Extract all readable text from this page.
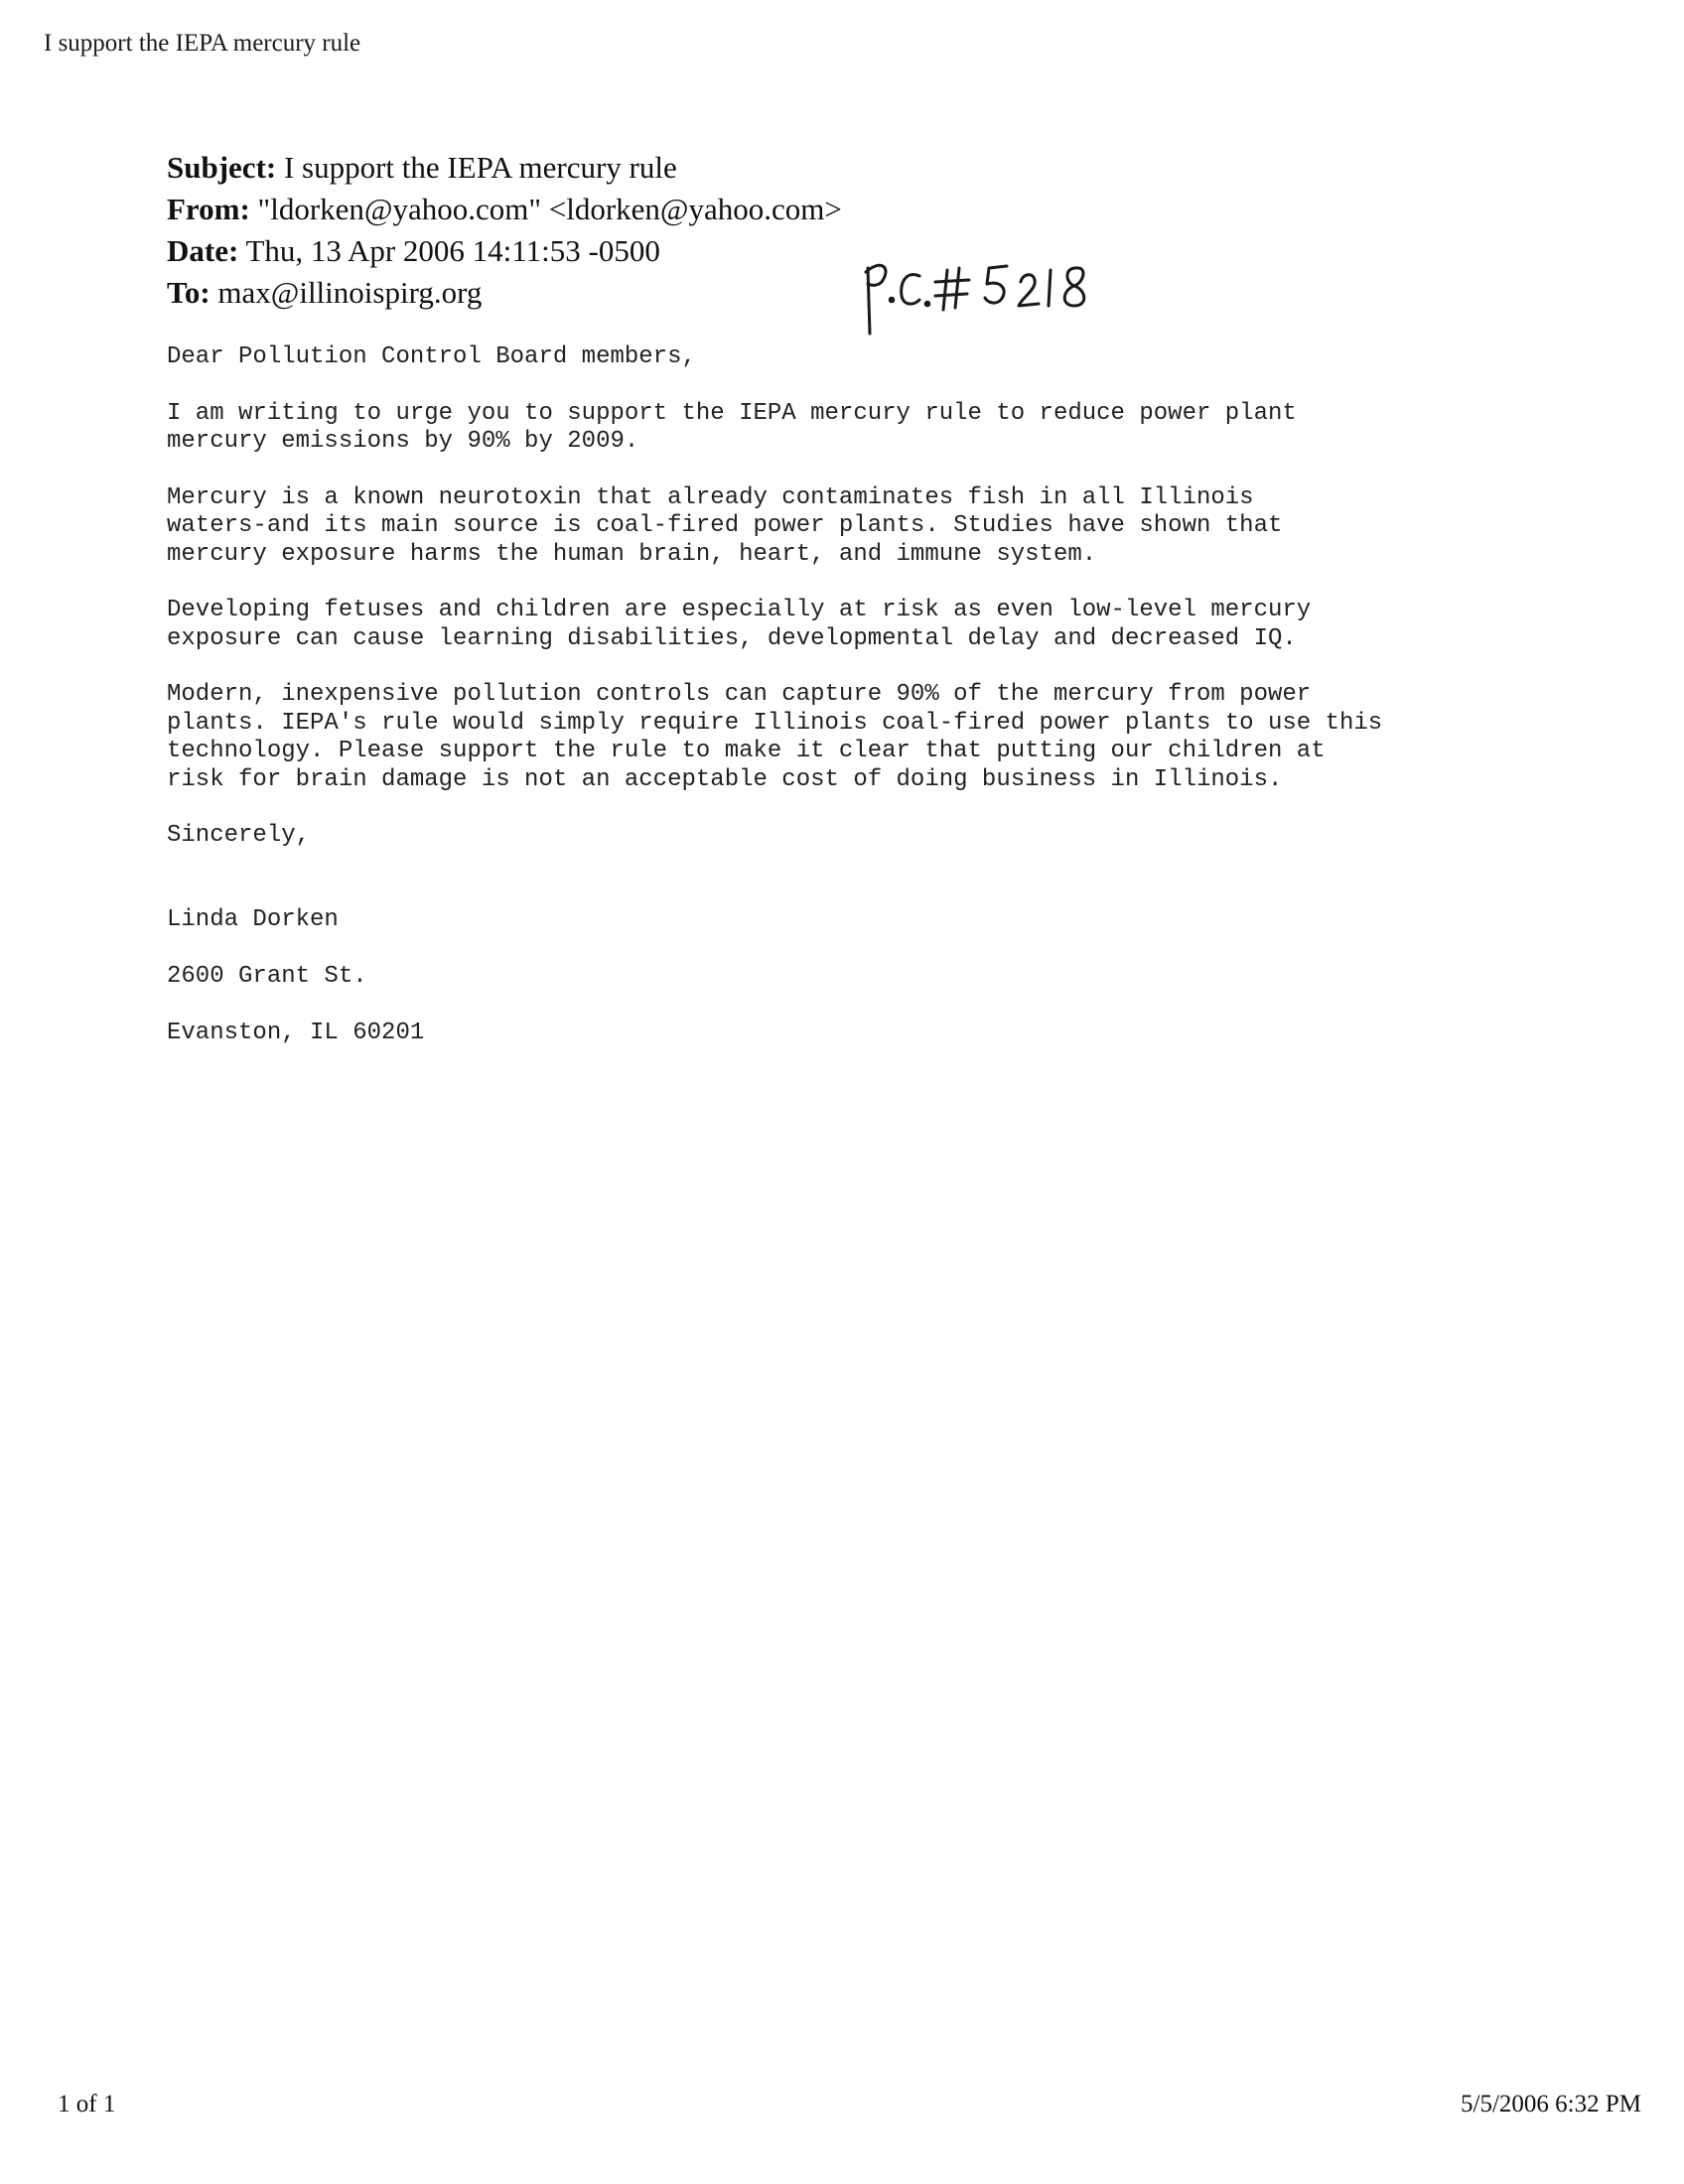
I support the IEPA mercury rule
Subject: I support the IEPA mercury rule
From: "ldorken@yahoo.com" <ldorken@yahoo.com>
Date: Thu, 13 Apr 2006 14:11:53 -0500
To: max@illinoispirg.org

Dear Pollution Control Board members,

I am writing to urge you to support the IEPA mercury rule to reduce power plant
mercury emissions by 90% by 2009.

Mercury is a known neurotoxin that already contaminates fish in all Illinois
waters-and its main source is coal-fired power plants. Studies have shown that
mercury exposure harms the human brain, heart, and immune system.

Developing fetuses and children are especially at risk as even low-level mercury
exposure can cause learning disabilities, developmental delay and decreased IQ.

Modern, inexpensive pollution controls can capture 90% of the mercury from power
plants. IEPA's rule would simply require Illinois coal-fired power plants to use this
technology. Please support the rule to make it clear that putting our children at
risk for brain damage is not an acceptable cost of doing business in Illinois.

Sincerely,

Linda Dorken

2600 Grant St.

Evanston, IL 60201

1 of 1	5/5/2006 6:32 PM
